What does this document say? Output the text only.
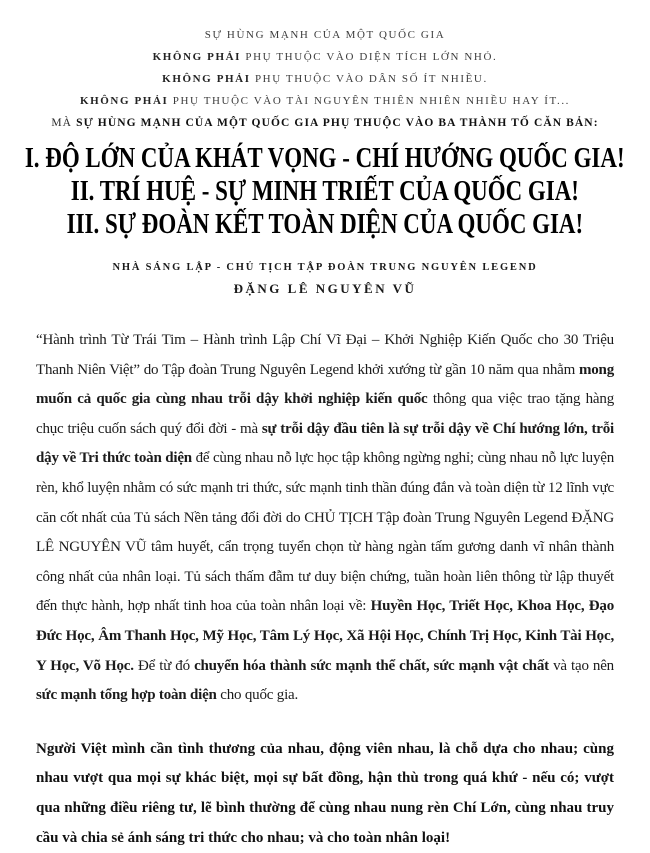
SỰ HÙNG MẠNH CỦA MỘT QUỐC GIA
KHÔNG PHẢI PHỤ THUỘC VÀO DIỆN TÍCH LỚN NHỎ.
KHÔNG PHẢI PHỤ THUỘC VÀO DÂN SỐ ÍT NHIỀU.
KHÔNG PHẢI PHỤ THUỘC VÀO TÀI NGUYÊN THIÊN NHIÊN NHIỀU HAY ÍT...
MÀ SỰ HÙNG MẠNH CỦA MỘT QUỐC GIA PHỤ THUỘC VÀO BA THÀNH TỐ CĂN BẢN:
I. ĐỘ LỚN CỦA KHÁT VỌNG - CHÍ HƯỚNG QUỐC GIA!
II. TRÍ HUỆ - SỰ MINH TRIẾT CỦA QUỐC GIA!
III. SỰ ĐOÀN KẾT TOÀN DIỆN CỦA QUỐC GIA!
NHÀ SÁNG LẬP - CHỦ TỊCH TẬP ĐOÀN TRUNG NGUYÊN LEGEND
ĐẶNG LÊ NGUYÊN VŨ

“Hành trình Từ Trái Tim – Hành trình Lập Chí Vĩ Đại – Khởi Nghiệp Kiến Quốc cho 30 Triệu Thanh Niên Việt” do Tập đoàn Trung Nguyên Legend khởi xướng từ gần 10 năm qua nhằm mong muốn cả quốc gia cùng nhau trỗi dậy khởi nghiệp kiến quốc thông qua việc trao tặng hàng chục triệu cuốn sách quý đổi đời - mà sự trỗi dậy đầu tiên là sự trỗi dậy về Chí hướng lớn, trỗi dậy về Tri thức toàn diện để cùng nhau nỗ lực học tập không ngừng nghỉ; cùng nhau nỗ lực luyện rèn, khổ luyện nhằm có sức mạnh tri thức, sức mạnh tinh thần đúng đắn và toàn diện từ 12 lĩnh vực căn cốt nhất của Tủ sách Nền tảng đổi đời do CHỦ TỊCH Tập đoàn Trung Nguyên Legend ĐẶNG LÊ NGUYÊN VŨ tâm huyết, cẩn trọng tuyển chọn từ hàng ngàn tấm gương danh vĩ nhân thành công nhất của nhân loại. Tủ sách thấm đẫm tư duy biện chứng, tuần hoàn liên thông từ lập thuyết đến thực hành, hợp nhất tinh hoa của toàn nhân loại về: Huyền Học, Triết Học, Khoa Học, Đạo Đức Học, Âm Thanh Học, Mỹ Học, Tâm Lý Học, Xã Hội Học, Chính Trị Học, Kinh Tài Học, Y Học, Võ Học. Để từ đó chuyển hóa thành sức mạnh thể chất, sức mạnh vật chất và tạo nên sức mạnh tổng hợp toàn diện cho quốc gia.

Người Việt mình cần tình thương của nhau, động viên nhau, là chỗ dựa cho nhau; cùng nhau vượt qua mọi sự khác biệt, mọi sự bất đồng, hận thù trong quá khứ - nếu có; vượt qua những điều riêng tư, lẽ bình thường để cùng nhau nung rèn Chí Lớn, cùng nhau truy cầu và chia sẻ ánh sáng tri thức cho nhau; và cho toàn nhân loại!
